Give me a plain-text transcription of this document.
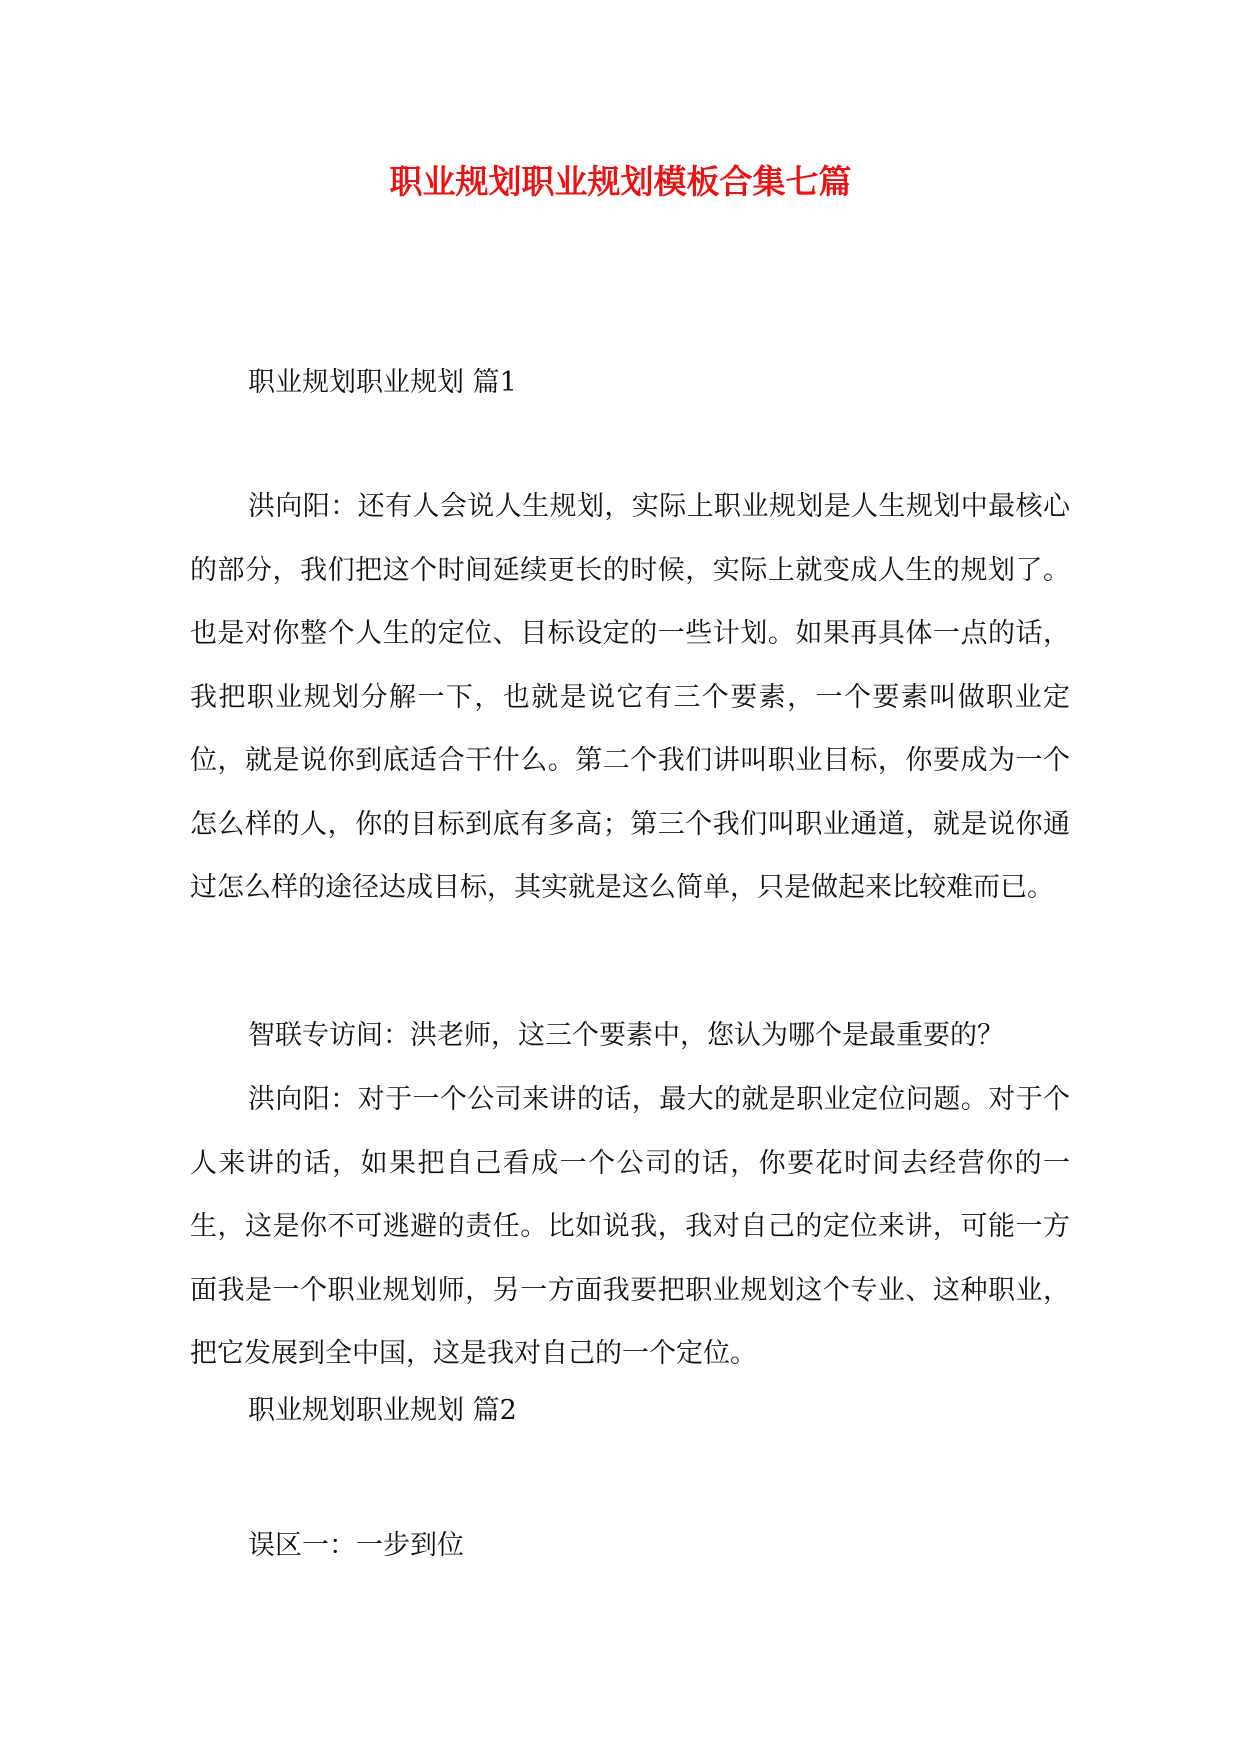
职业规划职业规划模板合集七篇

职业规划职业规划 篇1

洪向阳：还有人会说人生规划，实际上职业规划是人生规划中最核心的部分，我们把这个时间延续更长的时候，实际上就变成人生的规划了。也是对你整个人生的定位、目标设定的一些计划。如果再具体一点的话，我把职业规划分解一下，也就是说它有三个要素，一个要素叫做职业定位，就是说你到底适合干什么。第二个我们讲叫职业目标，你要成为一个怎么样的人，你的目标到底有多高；第三个我们叫职业通道，就是说你通过怎么样的途径达成目标，其实就是这么简单，只是做起来比较难而已。

智联专访间：洪老师，这三个要素中，您认为哪个是最重要的？

洪向阳：对于一个公司来讲的话，最大的就是职业定位问题。对于个人来讲的话，如果把自己看成一个公司的话，你要花时间去经营你的一生，这是你不可逃避的责任。比如说我，我对自己的定位来讲，可能一方面我是一个职业规划师，另一方面我要把职业规划这个专业、这种职业，把它发展到全中国，这是我对自己的一个定位。

职业规划职业规划 篇2

误区一：一步到位
